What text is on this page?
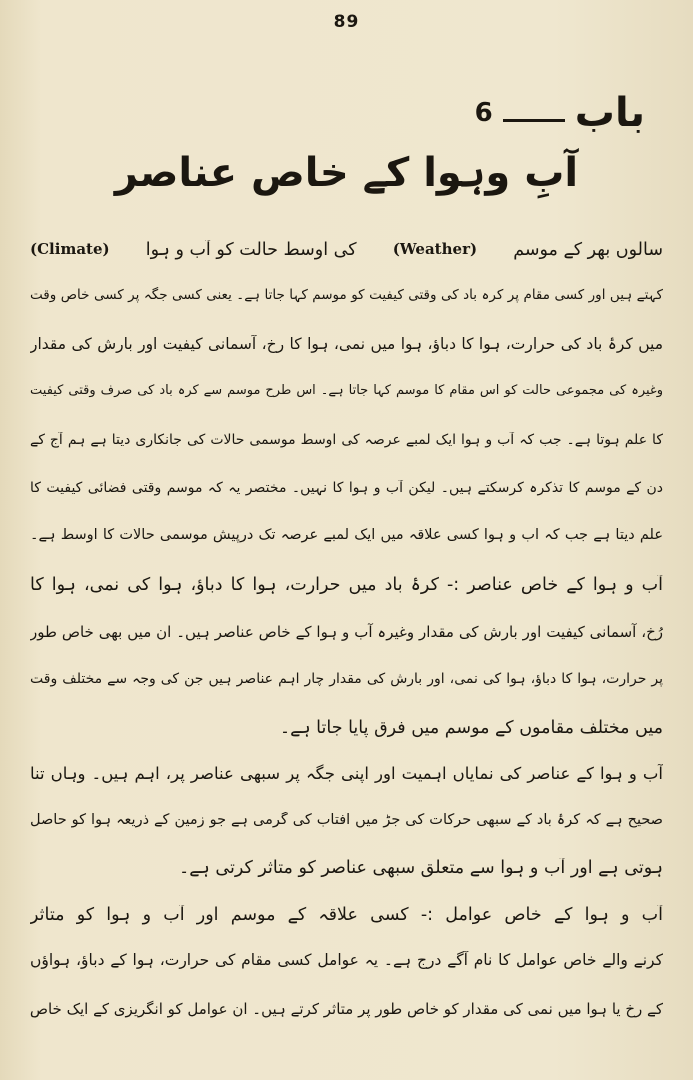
89
باب
6
آبِ وہوا کے خاص عناصر
سالوں بھر کے موسم
(Weather)
کی اوسط حالت کو آب و ہوا
(Climate)
کہتے ہیں اور کسی مقام پر کرہ باد کی وقتی کیفیت کو موسم کہا جاتا ہے۔ یعنی کسی جگہ پر کسی خاص وقت
میں کرۂ باد کی حرارت، ہوا کا دباؤ، ہوا میں نمی، ہوا کا رخ، آسمانی کیفیت اور بارش کی مقدار
وغیرہ کی مجموعی حالت کو اس مقام کا موسم کہا جاتا ہے۔ اس طرح موسم سے کرہ باد کی صرف وقتی کیفیت
کا علم ہوتا ہے۔ جب کہ آب و ہوا ایک لمبے عرصہ کی اوسط موسمی حالات کی جانکاری دیتا ہے ہم آج کے
دن کے موسم کا تذکرہ کرسکتے ہیں۔ لیکن آب و ہوا کا نہیں۔ مختصر یہ کہ موسم وقتی فضائی کیفیت کا
علم دیتا ہے جب کہ آب و ہوا کسی علاقہ میں ایک لمبے عرصہ تک درپیش موسمی حالات کا اوسط ہے۔
آب و ہوا کے خاص عناصر :- کرۂ باد میں حرارت، ہوا کا دباؤ، ہوا کی نمی، ہوا کا
رُخ، آسمانی کیفیت اور بارش کی مقدار وغیرہ آب و ہوا کے خاص عناصر ہیں۔ ان میں بھی خاص طور
پر حرارت، ہوا کا دباؤ، ہوا کی نمی، اور بارش کی مقدار چار اہم عناصر ہیں جن کی وجہ سے مختلف وقت
میں مختلف مقاموں کے موسم میں فرق پایا جاتا ہے۔
آب و ہوا کے عناصر کی نمایاں اہمیت اور اپنی جگہ پر سبھی عناصر پر، اہم ہیں۔ وہاں تنا
صحیح ہے کہ کرۂ باد کے سبھی حرکات کی جڑ میں آفتاب کی گرمی ہے جو زمین کے ذریعہ ہوا کو حاصل
ہوتی ہے اور آب و ہوا سے متعلق سبھی عناصر کو متاثر کرتی ہے۔
آب و ہوا کے خاص عوامل :- کسی علاقہ کے موسم اور آب و ہوا کو متاثر
کرنے والے خاص عوامل کا نام آگے درج ہے۔ یہ عوامل کسی مقام کی حرارت، ہوا کے دباؤ، ہواؤں
کے رخ یا ہوا میں نمی کی مقدار کو خاص طور پر متاثر کرتے ہیں۔ ان عوامل کو انگریزی کے ایک خاص
